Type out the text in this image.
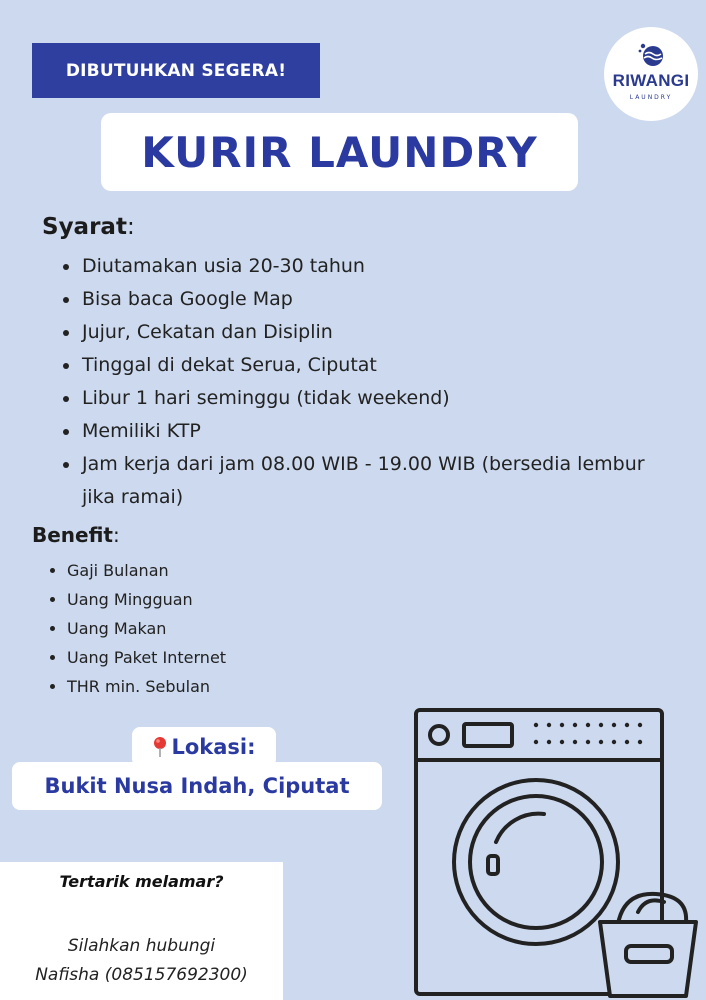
DIBUTUHKAN SEGERA!	RIWANGI
LAUNDRY
KURIR LAUNDRY
Syarat:
Diutamakan usia 20-30 tahun
Bisa baca Google Map
Jujur, Cekatan dan Disiplin
Tinggal di dekat Serua, Ciputat
Libur 1 hari seminggu (tidak weekend)
Memiliki KTP
Jam kerja dari jam 08.00 WIB - 19.00 WIB (bersedia lembur jika ramai)
Benefit:
Gaji Bulanan
Uang Mingguan
Uang Makan
Uang Paket Internet
THR min. Sebulan
Lokasi:
Bukit Nusa Indah, Ciputat
Tertarik melamar?
Silahkan hubungi
Nafisha (085157692300)
